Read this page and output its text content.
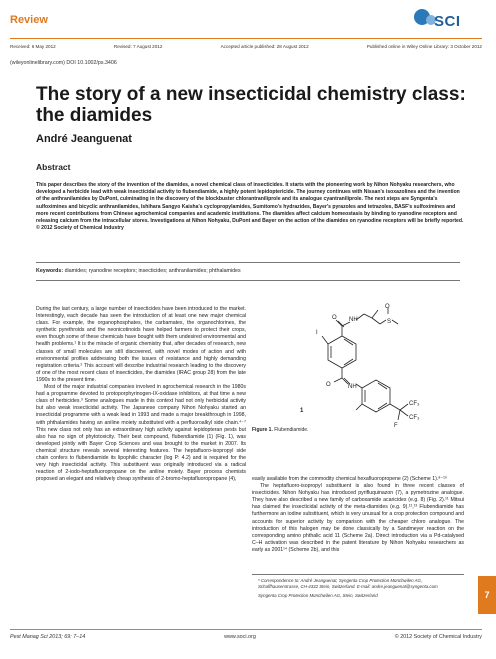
Review	SCI
Received: 6 May 2012	Revised: 7 August 2012	Accepted article published: 28 August 2012	Published online in Wiley Online Library: 3 October 2012
(wileyonlinelibrary.com) DOI 10.1002/ps.3406
The story of a new insecticidal chemistry class:
the diamides
André Jeanguenat
Abstract
This paper describes the story of the invention of the diamides, a novel chemical class of insecticides. It starts with the pioneering work by Nihon Nohyaku researchers, who developed a herbicide lead with weak insecticidal activity to flubendiamide, a highly potent lepidoptericide. The journey continues with Nissan's isoxazolines and the invention of the anthranilamides by DuPont, culminating in the discovery of the blockbuster chlorantraniliprole and its analogue cyantraniliprole. The next steps are Syngenta's sulfoximines and bicyclic anthranilamides, Ishihara Sangyo Kaisha's cyclopropylamides, Sumitomo's hydrazides, Bayer's pyrazoles and tetrazoles, BASF's sulfoximines and more recent contributions from Chinese agrochemical companies and academic institutions. The diamides affect calcium homeostasis by binding to ryanodine receptors and releasing calcium from the intracellular stores. Investigations at Nihon Nohyaku, DuPont and Bayer on the action of the diamides on ryanodine receptors will be briefly reported.
© 2012 Society of Chemical Industry
Keywords: diamides; ryanodine receptors; insecticides; anthranilamides; phthalamides

During the last century, a large number of insecticides have been introduced to the market. Interestingly, each decade has seen the introduction of at least one new major chemical class. For example, the organophosphates, the carbamates, the organochlorines, the synthetic pyrethroids and the neonicotinoids have helped farmers to protect their crops, even though some of these chemicals have bought with them undesired environmental and health problems.¹ It is the miracle of organic chemistry that, after decades of research, new classes of small molecules are still discovered, with novel modes of action and with environmental profiles addressing both the issues of resistance and highly demanding registration criteria.² This account will describe industrial research leading to the discovery of one of the most recent class of insecticides, the diamides (IRAC group 28) from the late 1990s to the present time.

Most of the major industrial companies involved in agrochemical research in the 1980s had a programme devoted to protoporphyrinogen-IX-oxidase inhibitors, at that time a new class of herbicides.³ Some analogues made in this context had not only herbicidal activity but also weak insecticidal activity. The Japanese company Nihon Nohyaku started an insecticidal programme with a weak lead in 1993 and made a major breakthrough in 1998, with phthalamides having an aniline moiety substituted with a perfluoroalkyl side chain.⁴⁻⁷ This new class not only has an extraordinary high activity against lepidopteran pests but also has no sign of phytotoxicity. Their best compound, flubendiamide (1) (Fig. 1), was developed jointly with Bayer Crop Sciences and was brought to the market in 2007. Its chemical structure reveals several interesting features. The heptafluoro-isopropyl side chain confers to flubendiamide its lipophilic character (log P: 4.2) and is required for the very high insecticidal activity. This substituent was originally introduced via a radical reaction of 2-iodo-heptafluoropropane on the aniline moiety. Bayer process chemists proposed an elegant and relatively cheap synthesis of 2-bromo-heptafluoropropane (4),

I
NH
O
S
O
O	NH
CF₃
CF₃
F
1
Figure 1. Flubendiamide.

easily available from the commodity chemical hexafluoropropene (2) (Scheme 1).⁸⁻¹⁰

The heptafluoro-isopropyl substituent is also found in three recent classes of insecticides. Nihon Nohyaku has introduced pyrifluquinazon (7), a pymetrozine analogue. They have also described a new family of carboxamide acaricides (e.g. 8) (Fig. 2).¹¹ Mitsui has claimed the insecticidal activity of the meta-diamides (e.g. 9).¹²,¹³ Flubendiamide has furthermore an iodine substituent, which is very unusual for a crop protection compound and accounts for superior activity by comparison with the cheaper chloro analogue. The introduction of this halogen may be done classically by a Sandmeyer reaction on the corresponding amino phthalic acid 11 (Scheme 2a). Direct introduction via a Pd-catalysed C–H activation was described in the patent literature by Nihon Nohyaku researchers as early as 2001¹⁴ (Scheme 2b), and this

* Correspondence to: André Jeanguenat, Syngenta Crop Protection Münchwilen AG, Schaffhauserstrasse, CH-4332 Stein, Switzerland. E-mail: andre.jeanguenat@syngenta.com
Syngenta Crop Protection Münchwilen AG, Stein, Switzerland
Pest Manag Sci 2013; 69: 7–14	www.soci.org	© 2012 Society of Chemical Industry
7
